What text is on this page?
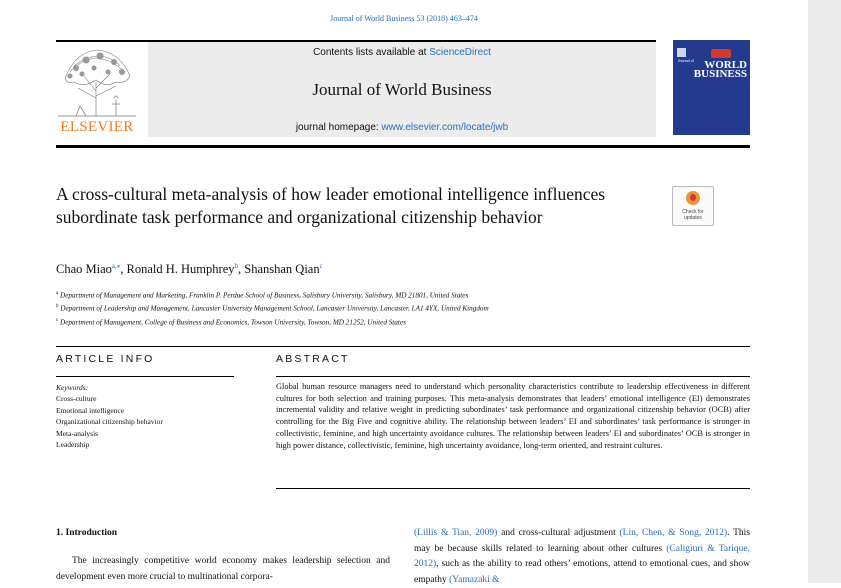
Journal of World Business 53 (2018) 463–474
ELSEVIER
Contents lists available at ScienceDirect
Journal of World Business
journal homepage: www.elsevier.com/locate/jwb
Journal of WORLD
BUSINESS
A cross-cultural meta-analysis of how leader emotional intelligence influences subordinate task performance and organizational citizenship behavior	Check for
updates
Chao Miao$^{a,⁎}$, Ronald H. Humphrey$^b$, Shanshan Qian$^c$
$^a$ Department of Management and Marketing, Franklin P. Perdue School of Business, Salisbury University, Salisbury, MD 21801, United States
$^b$ Department of Leadership and Management, Lancaster University Management School, Lancaster University, Lancaster, LA1 4YX, United Kingdom
$^c$ Department of Management, College of Business and Economics, Towson University, Towson, MD 21252, United States
ARTICLE INFO	ABSTRACT
Keywords:
Cross-culture
Emotional intelligence
Organizational citizenship behavior
Meta-analysis
Leadership
Global human resource managers need to understand which personality characteristics contribute to leadership effectiveness in different cultures for both selection and training purposes. This meta-analysis demonstrates that leaders’ emotional intelligence (EI) demonstrates incremental validity and relative weight in predicting subordinates’ task performance and organizational citizenship behavior (OCB) after controlling for the Big Five and cognitive ability. The relationship between leaders’ EI and subordinates’ task performance is stronger in collectivistic, feminine, and high uncertainty avoidance cultures. The relationship between leaders’ EI and subordinates’ OCB is stronger in high power distance, collectivistic, feminine, high uncertainty avoidance, long-term oriented, and restraint cultures.
1. Introduction
The increasingly competitive world economy makes leadership selection and development even more crucial to multinational corpora-
(Lillis & Tian, 2009) and cross-cultural adjustment (Lin, Chen, & Song, 2012). This may be because skills related to learning about other cultures (Caligiuri & Tarique, 2012), such as the ability to read others’ emotions, attend to emotional cues, and show empathy (Yamazaki &
